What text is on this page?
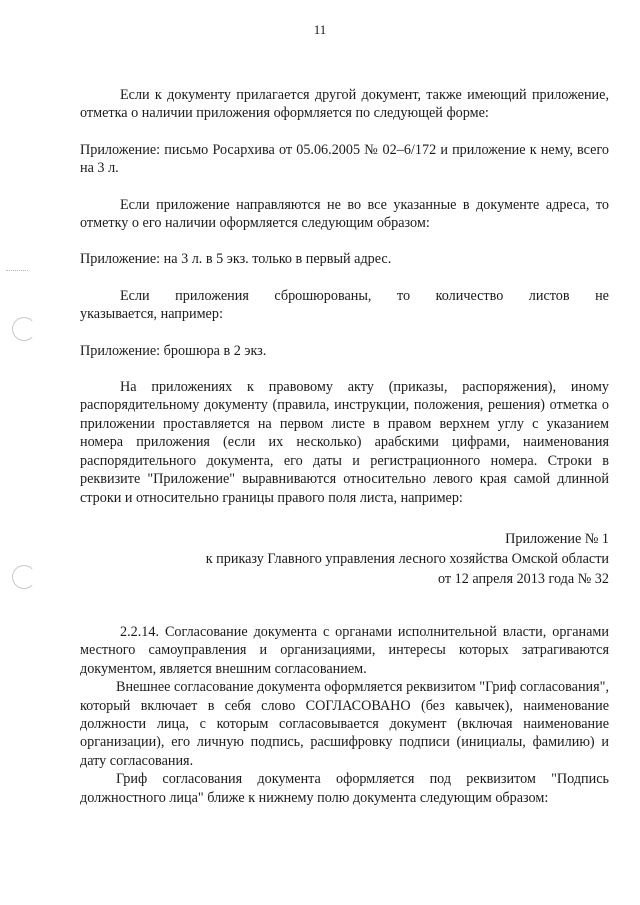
11

Если к документу прилагается другой документ, также имеющий приложение, отметка о наличии приложения оформляется по следующей форме:

Приложение: письмо Росархива от 05.06.2005 № 02–6/172 и приложение к нему, всего на 3 л.

Если приложение направляются не во все указанные в документе адреса, то отметку о его наличии оформляется следующим образом:

Приложение: на 3 л. в 5 экз. только в первый адрес.

Если приложения сброшюрованы, то количество листов не
указывается, например:

Приложение: брошюра в 2 экз.

На приложениях к правовому акту (приказы, распоряжения), иному распорядительному документу (правила, инструкции, положения, решения) отметка о приложении проставляется на первом листе в правом верхнем углу с указанием номера приложения (если их несколько) арабскими цифрами, наименования распорядительного документа, его даты и регистрационного номера. Строки в реквизите "Приложение" выравниваются относительно левого края самой длинной строки и относительно границы правого поля листа, например:

Приложение № 1
к приказу Главного управления лесного хозяйства Омской области
от 12 апреля 2013 года № 32

2.2.14. Согласование документа с органами исполнительной власти, органами местного самоуправления и организациями, интересы которых затрагиваются документом, является внешним согласованием.

Внешнее согласование документа оформляется реквизитом "Гриф согласования", который включает в себя слово СОГЛАСОВАНО (без кавычек), наименование должности лица, с которым согласовывается документ (включая наименование организации), его личную подпись, расшифровку подписи (инициалы, фамилию) и дату согласования.

Гриф согласования документа оформляется под реквизитом "Подпись должностного лица" ближе к нижнему полю документа следующим образом:
